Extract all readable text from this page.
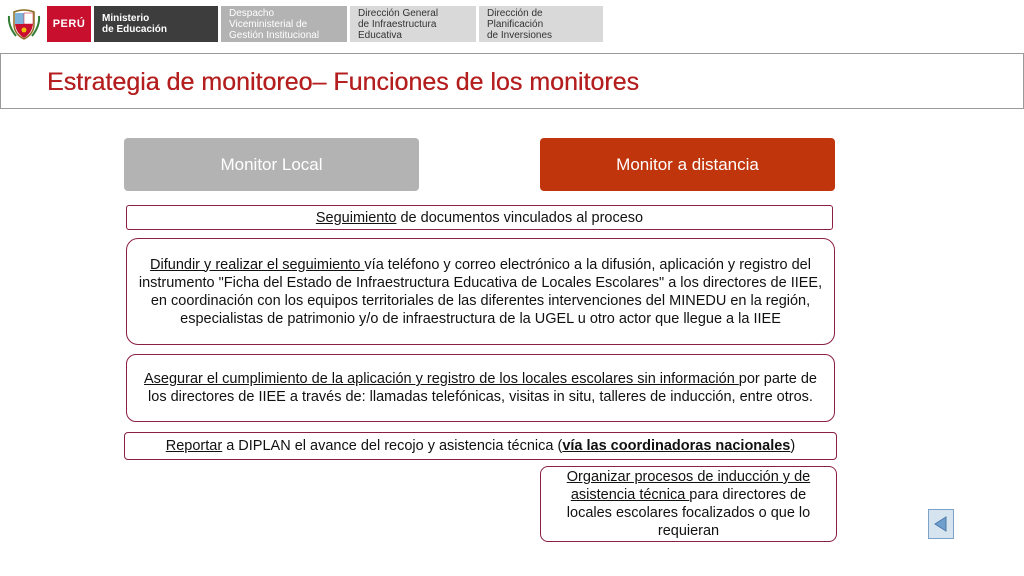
PERÚ	Ministerio
de Educación
Despacho
Viceministerial de
Gestión Institucional
Dirección General
de Infraestructura
Educativa
Dirección de Planificación
de Inversiones
Estrategia de monitoreo– Funciones de los monitores
Monitor Local	Monitor a distancia

Seguimiento de documentos vinculados al proceso

Difundir y realizar el seguimiento vía teléfono y correo electrónico a la difusión, aplicación y registro del instrumento "Ficha del Estado de Infraestructura Educativa de Locales Escolares" a los directores de IIEE, en coordinación con los equipos territoriales de las diferentes intervenciones del MINEDU en la región, especialistas de patrimonio y/o de infraestructura de la UGEL u otro actor que llegue a la IIEE

Asegurar el cumplimiento de la aplicación y registro de los locales escolares sin información por parte de los directores de IIEE a través de: llamadas telefónicas, visitas in situ, talleres de inducción, entre otros.

Reportar a DIPLAN el avance del recojo y asistencia técnica (vía las coordinadoras nacionales)

Organizar procesos de inducción y de asistencia técnica para directores de locales escolares focalizados o que lo requieran
